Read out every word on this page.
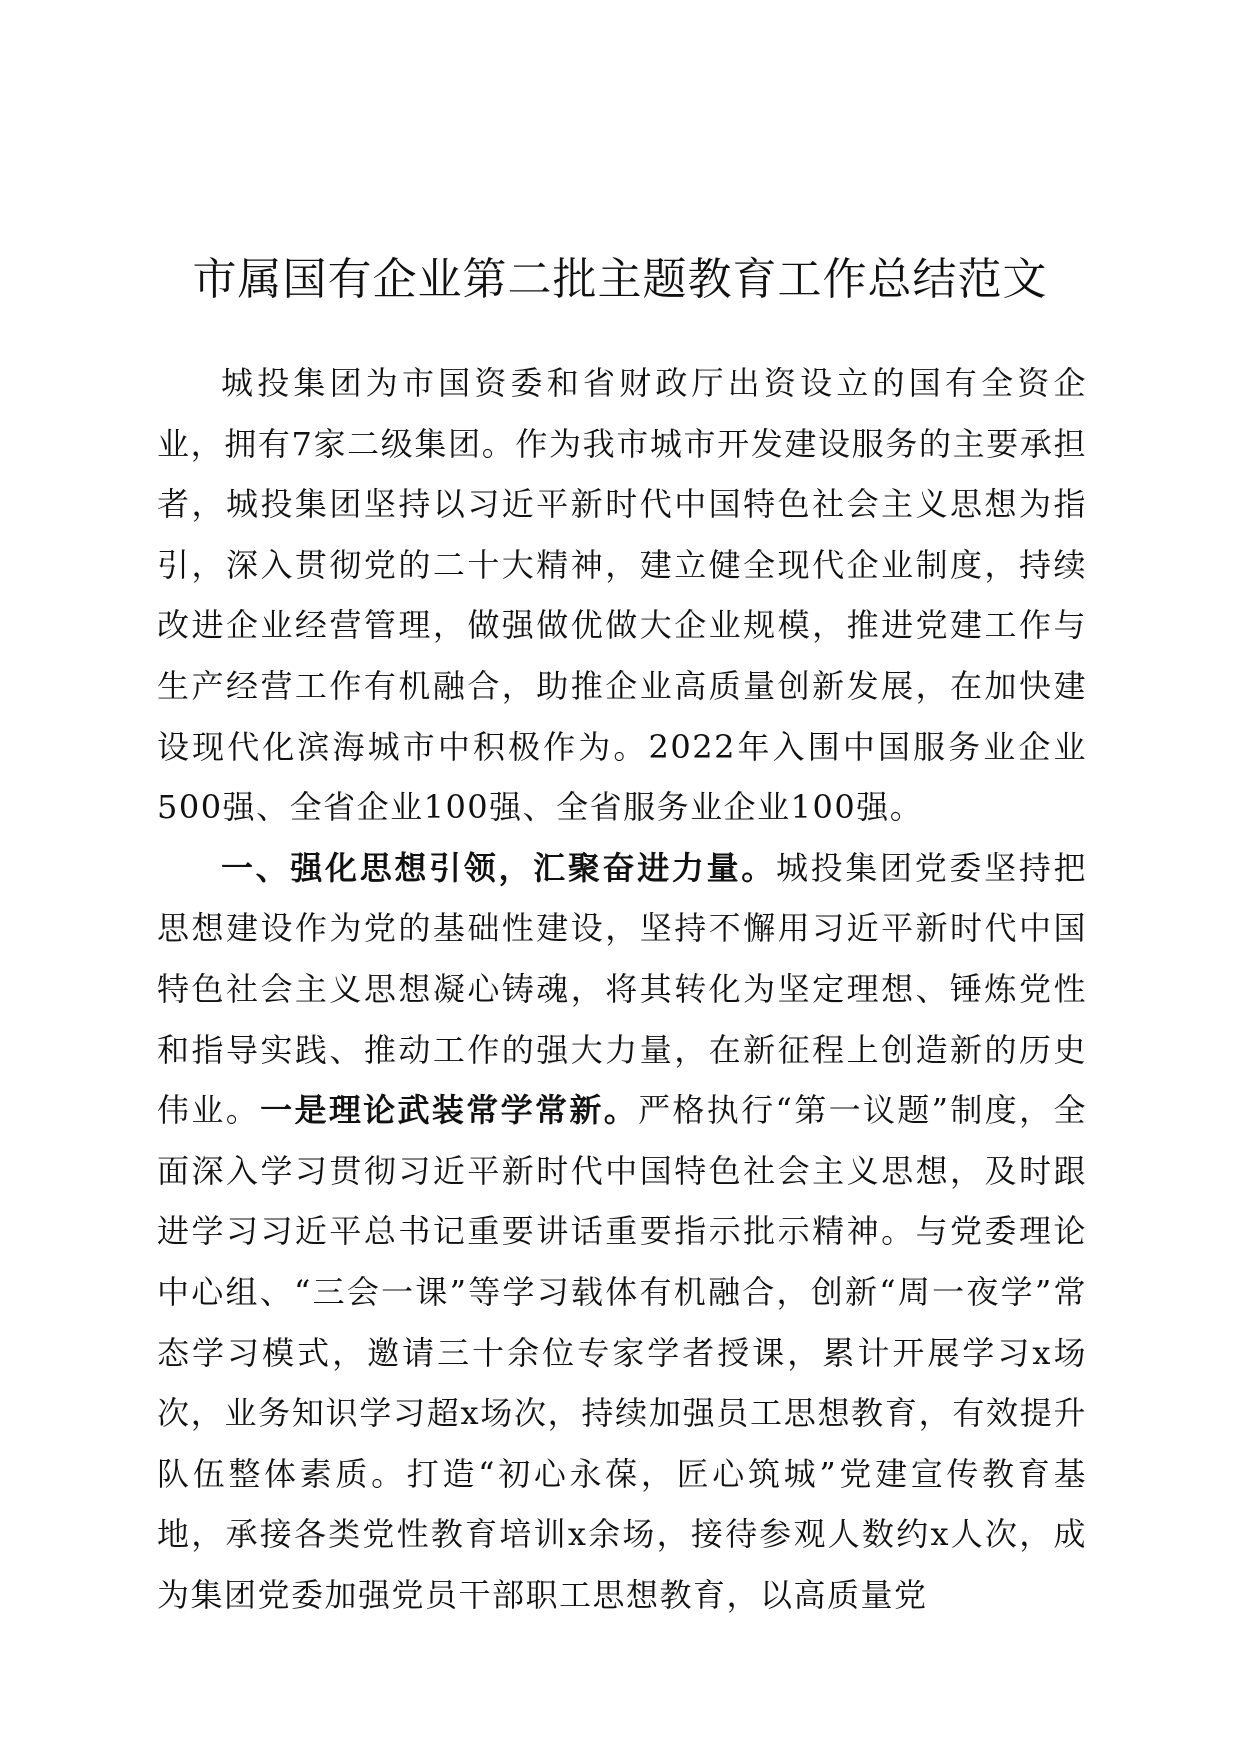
市属国有企业第二批主题教育工作总结范文

城投集团为市国资委和省财政厅出资设立的国有全资企业，拥有7家二级集团。作为我市城市开发建设服务的主要承担者，城投集团坚持以习近平新时代中国特色社会主义思想为指引，深入贯彻党的二十大精神，建立健全现代企业制度，持续改进企业经营管理，做强做优做大企业规模，推进党建工作与生产经营工作有机融合，助推企业高质量创新发展，在加快建设现代化滨海城市中积极作为。2022年入围中国服务业企业500强、全省企业100强、全省服务业企业100强。

一、强化思想引领，汇聚奋进力量。城投集团党委坚持把思想建设作为党的基础性建设，坚持不懈用习近平新时代中国特色社会主义思想凝心铸魂，将其转化为坚定理想、锤炼党性和指导实践、推动工作的强大力量，在新征程上创造新的历史伟业。一是理论武装常学常新。严格执行“第一议题”制度，全面深入学习贯彻习近平新时代中国特色社会主义思想，及时跟进学习习近平总书记重要讲话重要指示批示精神。与党委理论中心组、“三会一课”等学习载体有机融合，创新“周一夜学”常态学习模式，邀请三十余位专家学者授课，累计开展学习x场次，业务知识学习超x场次，持续加强员工思想教育，有效提升队伍整体素质。打造“初心永葆，匠心筑城”党建宣传教育基地，承接各类党性教育培训x余场，接待参观人数约x人次，成为集团党委加强党员干部职工思想教育，以高质量党
